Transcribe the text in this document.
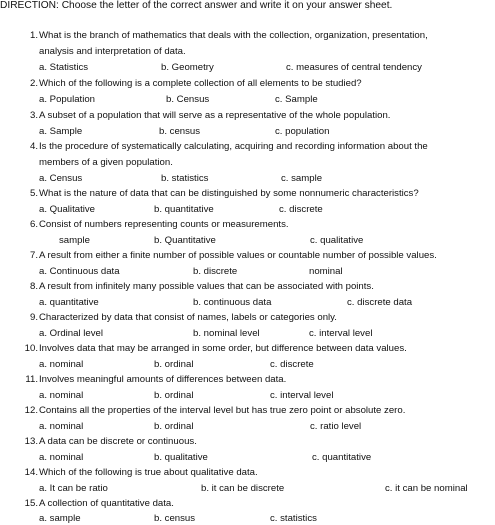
DIRECTION: Choose the letter of the correct answer and write it on your answer sheet.
1. What is the branch of mathematics that deals with the collection, organization, presentation,
analysis and interpretation of data.
a. Statistics	b. Geometry	c. measures of central tendency
2. Which of the following is a complete collection of all elements to be studied?
a. Population	b. Census	c. Sample
3. A subset of a population that will serve as a representative of the whole population.
a. Sample	b. census	c. population
4. Is the procedure of systematically calculating, acquiring and recording information about the
members of a given population.
a. Census	b. statistics	c. sample
5. What is the nature of data that can be distinguished by some nonnumeric characteristics?
a. Qualitative	b. quantitative	c. discrete
6. Consist of numbers representing counts or measurements.
sample	b. Quantitative	c. qualitative
7. A result from either a finite number of possible values or countable number of possible values.
a. Continuous data	b. discrete	nominal
8. A result from infinitely many possible values that can be associated with points.
a. quantitative	b. continuous data	c. discrete data
9. Characterized by data that consist of names, labels or categories only.
a. Ordinal level	b. nominal level	c. interval level
10. Involves data that may be arranged in some order, but difference between data values.
a. nominal	b. ordinal	c. discrete
11. Involves meaningful amounts of differences between data.
a. nominal	b. ordinal	c. interval level
12. Contains all the properties of the interval level but has true zero point or absolute zero.
a. nominal	b. ordinal	c. ratio level
13. A data can be discrete or continuous.
a. nominal	b. qualitative	c. quantitative
14. Which of the following is true about qualitative data.
a. It can be ratio	b. it can be discrete	c. it can be nominal
15. A collection of quantitative data.
a. sample	b. census	c. statistics
